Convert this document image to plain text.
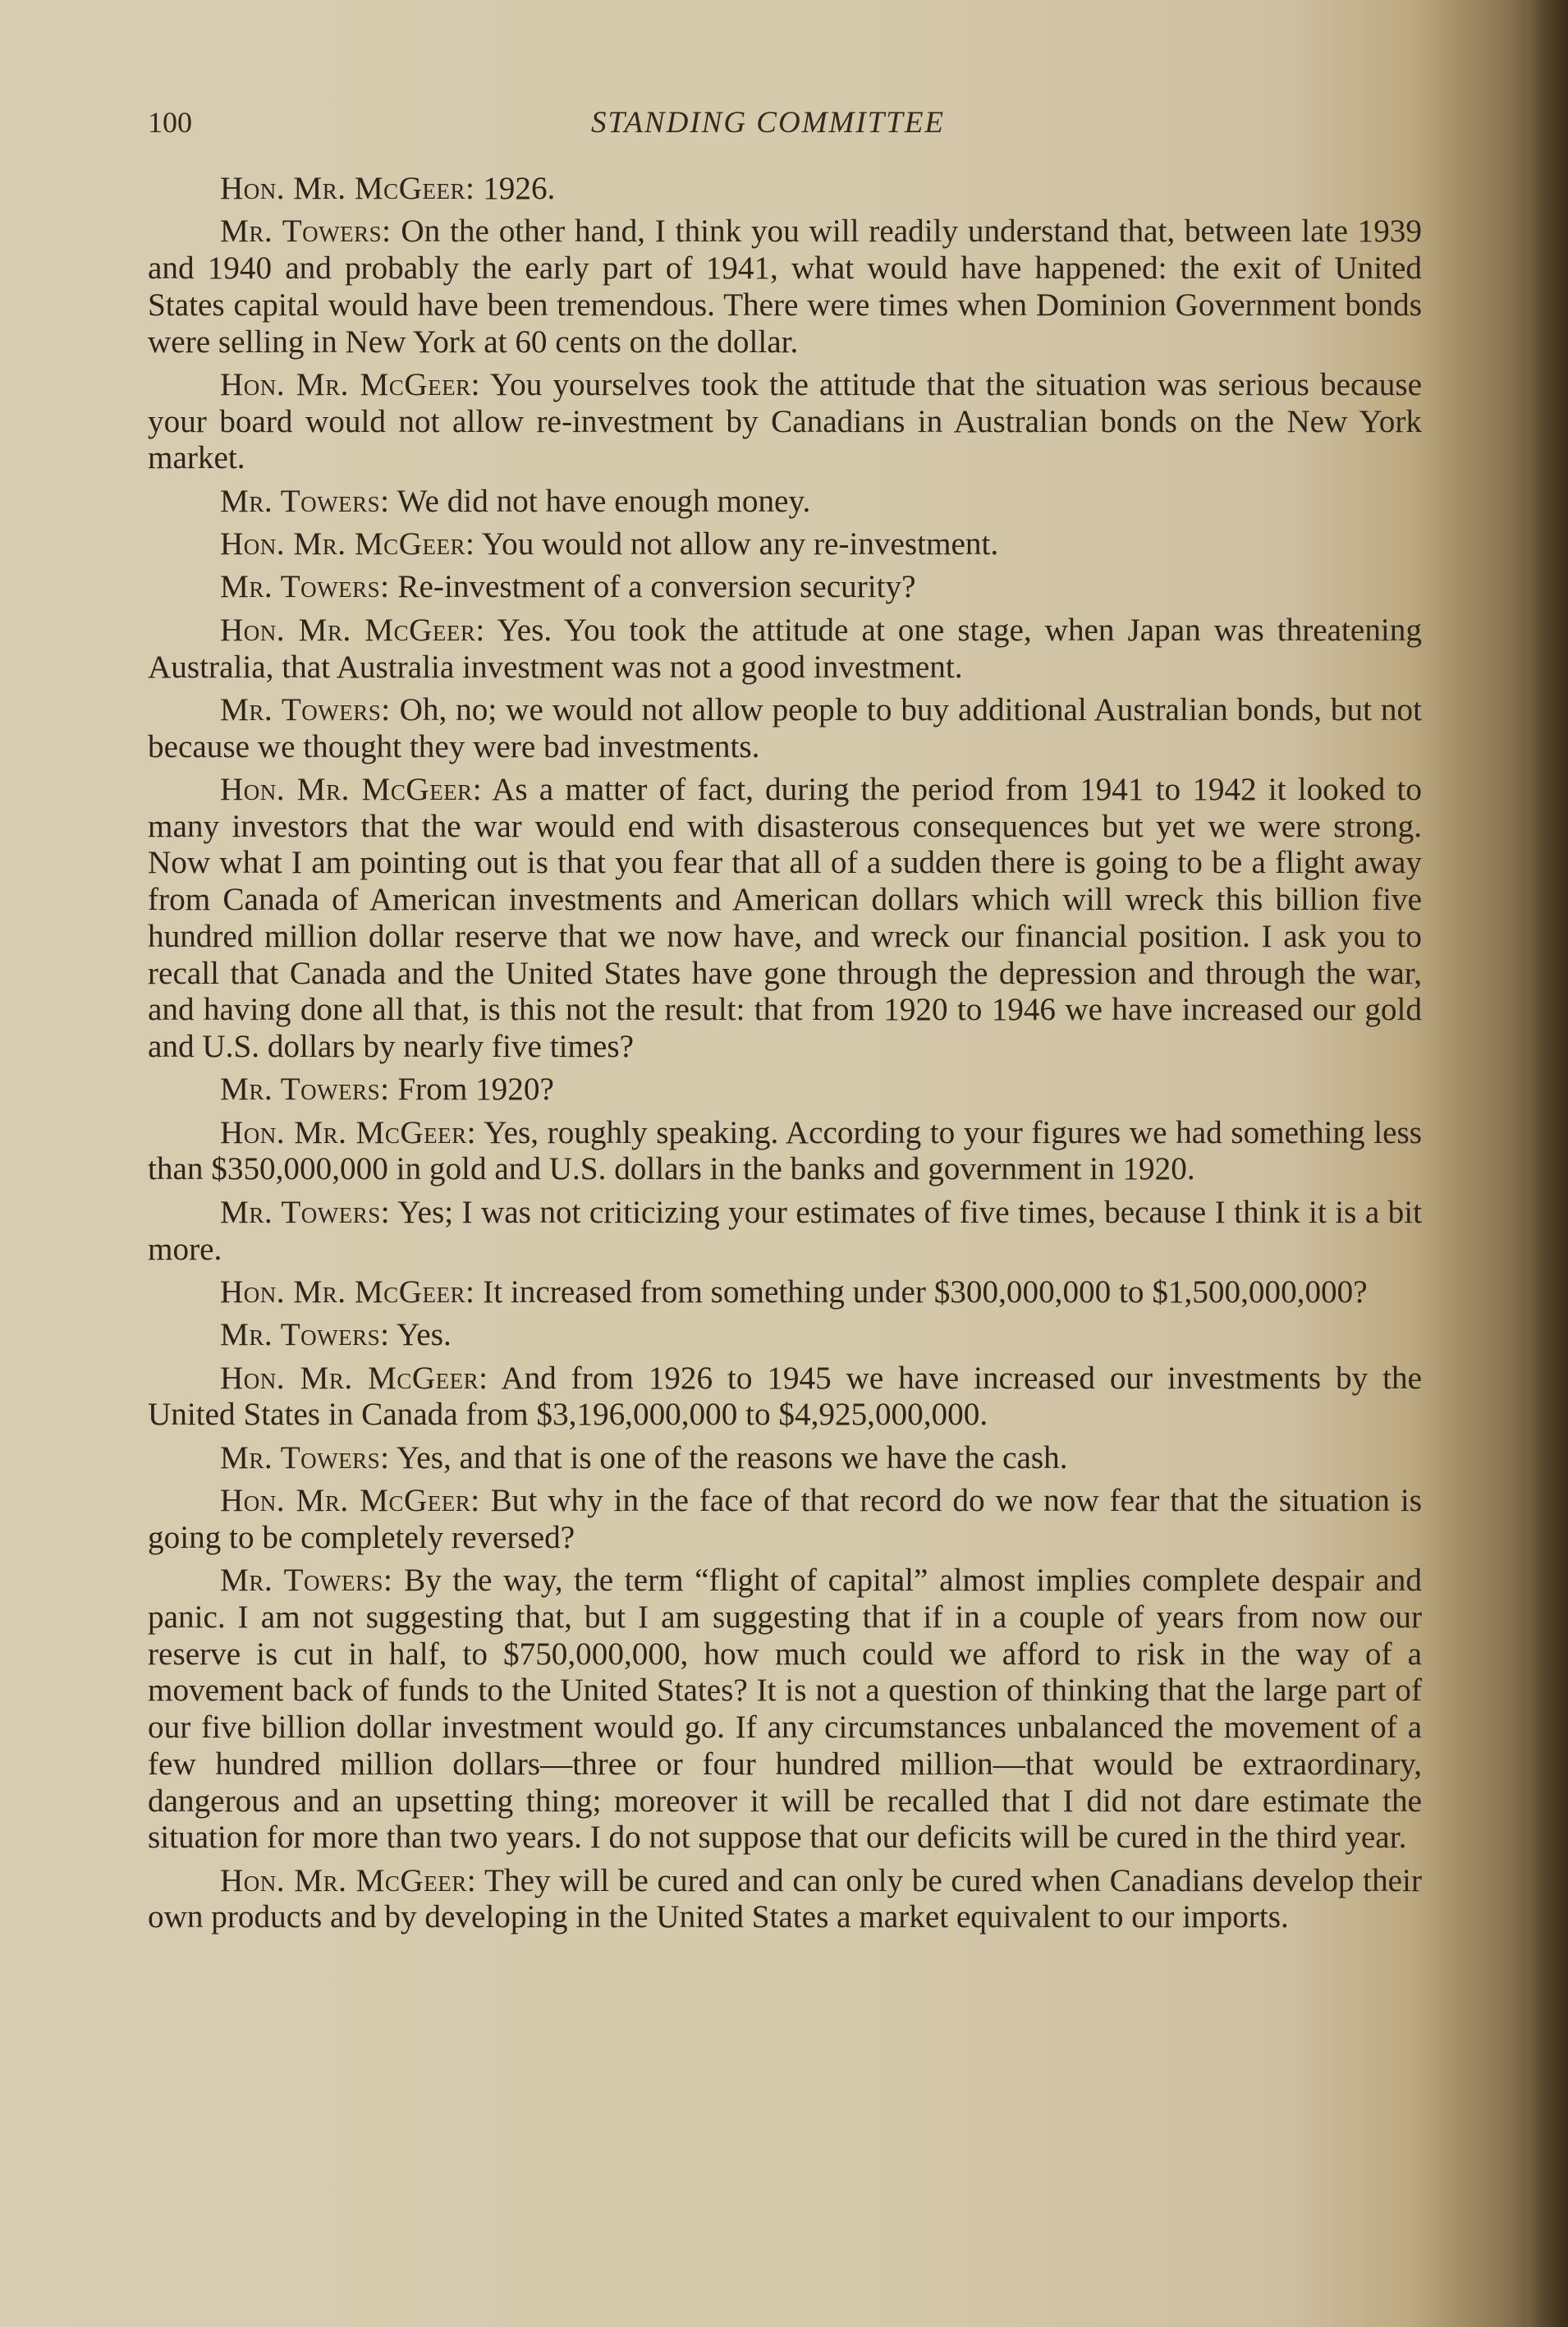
100	STANDING COMMITTEE

Hon. Mr. McGeer: 1926.

Mr. Towers: On the other hand, I think you will readily understand that, between late 1939 and 1940 and probably the early part of 1941, what would have happened: the exit of United States capital would have been tremendous. There were times when Dominion Government bonds were selling in New York at 60 cents on the dollar.

Hon. Mr. McGeer: You yourselves took the attitude that the situation was serious because your board would not allow re-investment by Canadians in Australian bonds on the New York market.

Mr. Towers: We did not have enough money.

Hon. Mr. McGeer: You would not allow any re-investment.

Mr. Towers: Re-investment of a conversion security?

Hon. Mr. McGeer: Yes. You took the attitude at one stage, when Japan was threatening Australia, that Australia investment was not a good investment.

Mr. Towers: Oh, no; we would not allow people to buy additional Australian bonds, but not because we thought they were bad investments.

Hon. Mr. McGeer: As a matter of fact, during the period from 1941 to 1942 it looked to many investors that the war would end with disasterous consequences but yet we were strong. Now what I am pointing out is that you fear that all of a sudden there is going to be a flight away from Canada of American investments and American dollars which will wreck this billion five hundred million dollar reserve that we now have, and wreck our financial position. I ask you to recall that Canada and the United States have gone through the depression and through the war, and having done all that, is this not the result: that from 1920 to 1946 we have increased our gold and U.S. dollars by nearly five times?

Mr. Towers: From 1920?

Hon. Mr. McGeer: Yes, roughly speaking. According to your figures we had something less than $350,000,000 in gold and U.S. dollars in the banks and government in 1920.

Mr. Towers: Yes; I was not criticizing your estimates of five times, because I think it is a bit more.

Hon. Mr. McGeer: It increased from something under $300,000,000 to $1,500,000,000?

Mr. Towers: Yes.

Hon. Mr. McGeer: And from 1926 to 1945 we have increased our investments by the United States in Canada from $3,196,000,000 to $4,925,000,000.

Mr. Towers: Yes, and that is one of the reasons we have the cash.

Hon. Mr. McGeer: But why in the face of that record do we now fear that the situation is going to be completely reversed?

Mr. Towers: By the way, the term “flight of capital” almost implies complete despair and panic. I am not suggesting that, but I am suggesting that if in a couple of years from now our reserve is cut in half, to $750,000,000, how much could we afford to risk in the way of a movement back of funds to the United States? It is not a question of thinking that the large part of our five billion dollar investment would go. If any circumstances unbalanced the movement of a few hundred million dollars—three or four hundred million—that would be extraordinary, dangerous and an upsetting thing; moreover it will be recalled that I did not dare estimate the situation for more than two years. I do not suppose that our deficits will be cured in the third year.

Hon. Mr. McGeer: They will be cured and can only be cured when Canadians develop their own products and by developing in the United States a market equivalent to our imports.
